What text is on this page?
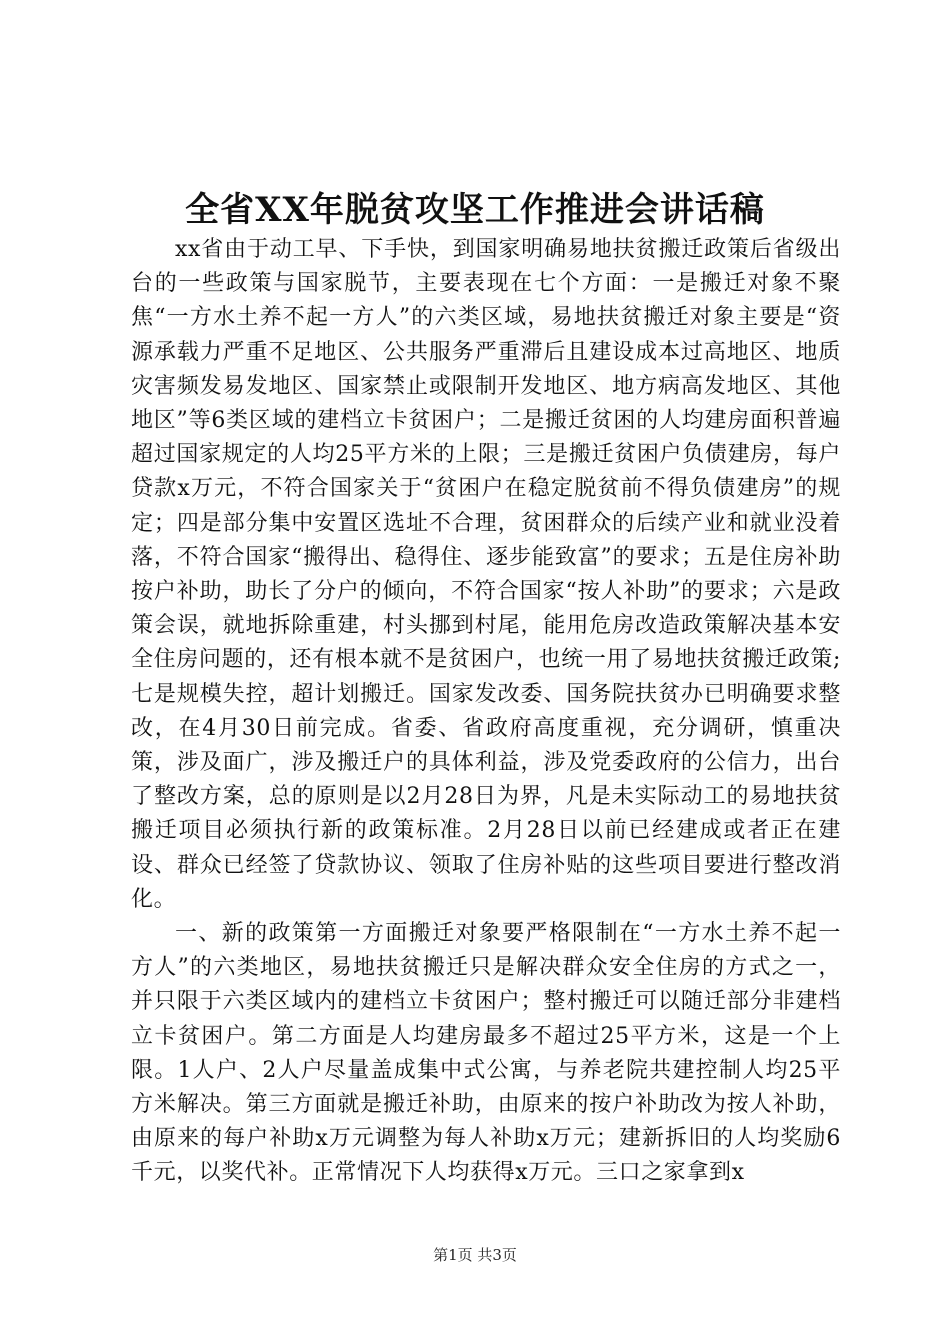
全省XX年脱贫攻坚工作推进会讲话稿

xx省由于动工早、下手快，到国家明确易地扶贫搬迁政策后省级出台的一些政策与国家脱节，主要表现在七个方面：一是搬迁对象不聚焦“一方水土养不起一方人”的六类区域，易地扶贫搬迁对象主要是“资源承载力严重不足地区、公共服务严重滞后且建设成本过高地区、地质灾害频发易发地区、国家禁止或限制开发地区、地方病高发地区、其他地区”等6类区域的建档立卡贫困户；二是搬迁贫困的人均建房面积普遍超过国家规定的人均25平方米的上限；三是搬迁贫困户负债建房，每户贷款x万元，不符合国家关于“贫困户在稳定脱贫前不得负债建房”的规定；四是部分集中安置区选址不合理，贫困群众的后续产业和就业没着落，不符合国家“搬得出、稳得住、逐步能致富”的要求；五是住房补助按户补助，助长了分户的倾向，不符合国家“按人补助”的要求；六是政策会误，就地拆除重建，村头挪到村尾，能用危房改造政策解决基本安全住房问题的，还有根本就不是贫困户，也统一用了易地扶贫搬迁政策;七是规模失控，超计划搬迁。国家发改委、国务院扶贫办已明确要求整改，在4月30日前完成。省委、省政府高度重视，充分调研，慎重决策，涉及面广，涉及搬迁户的具体利益，涉及党委政府的公信力，出台了整改方案，总的原则是以2月28日为界，凡是未实际动工的易地扶贫搬迁项目必须执行新的政策标准。2月28日以前已经建成或者正在建设、群众已经签了贷款协议、领取了住房补贴的这些项目要进行整改消化。

一、新的政策第一方面搬迁对象要严格限制在“一方水土养不起一方人”的六类地区，易地扶贫搬迁只是解决群众安全住房的方式之一，并只限于六类区域内的建档立卡贫困户；整村搬迁可以随迁部分非建档立卡贫困户。第二方面是人均建房最多不超过25平方米，这是一个上限。1人户、2人户尽量盖成集中式公寓，与养老院共建控制人均25平方米解决。第三方面就是搬迁补助，由原来的按户补助改为按人补助，由原来的每户补助x万元调整为每人补助x万元；建新拆旧的人均奖励6千元，以奖代补。正常情况下人均获得x万元。三口之家拿到x

第1页 共3页
